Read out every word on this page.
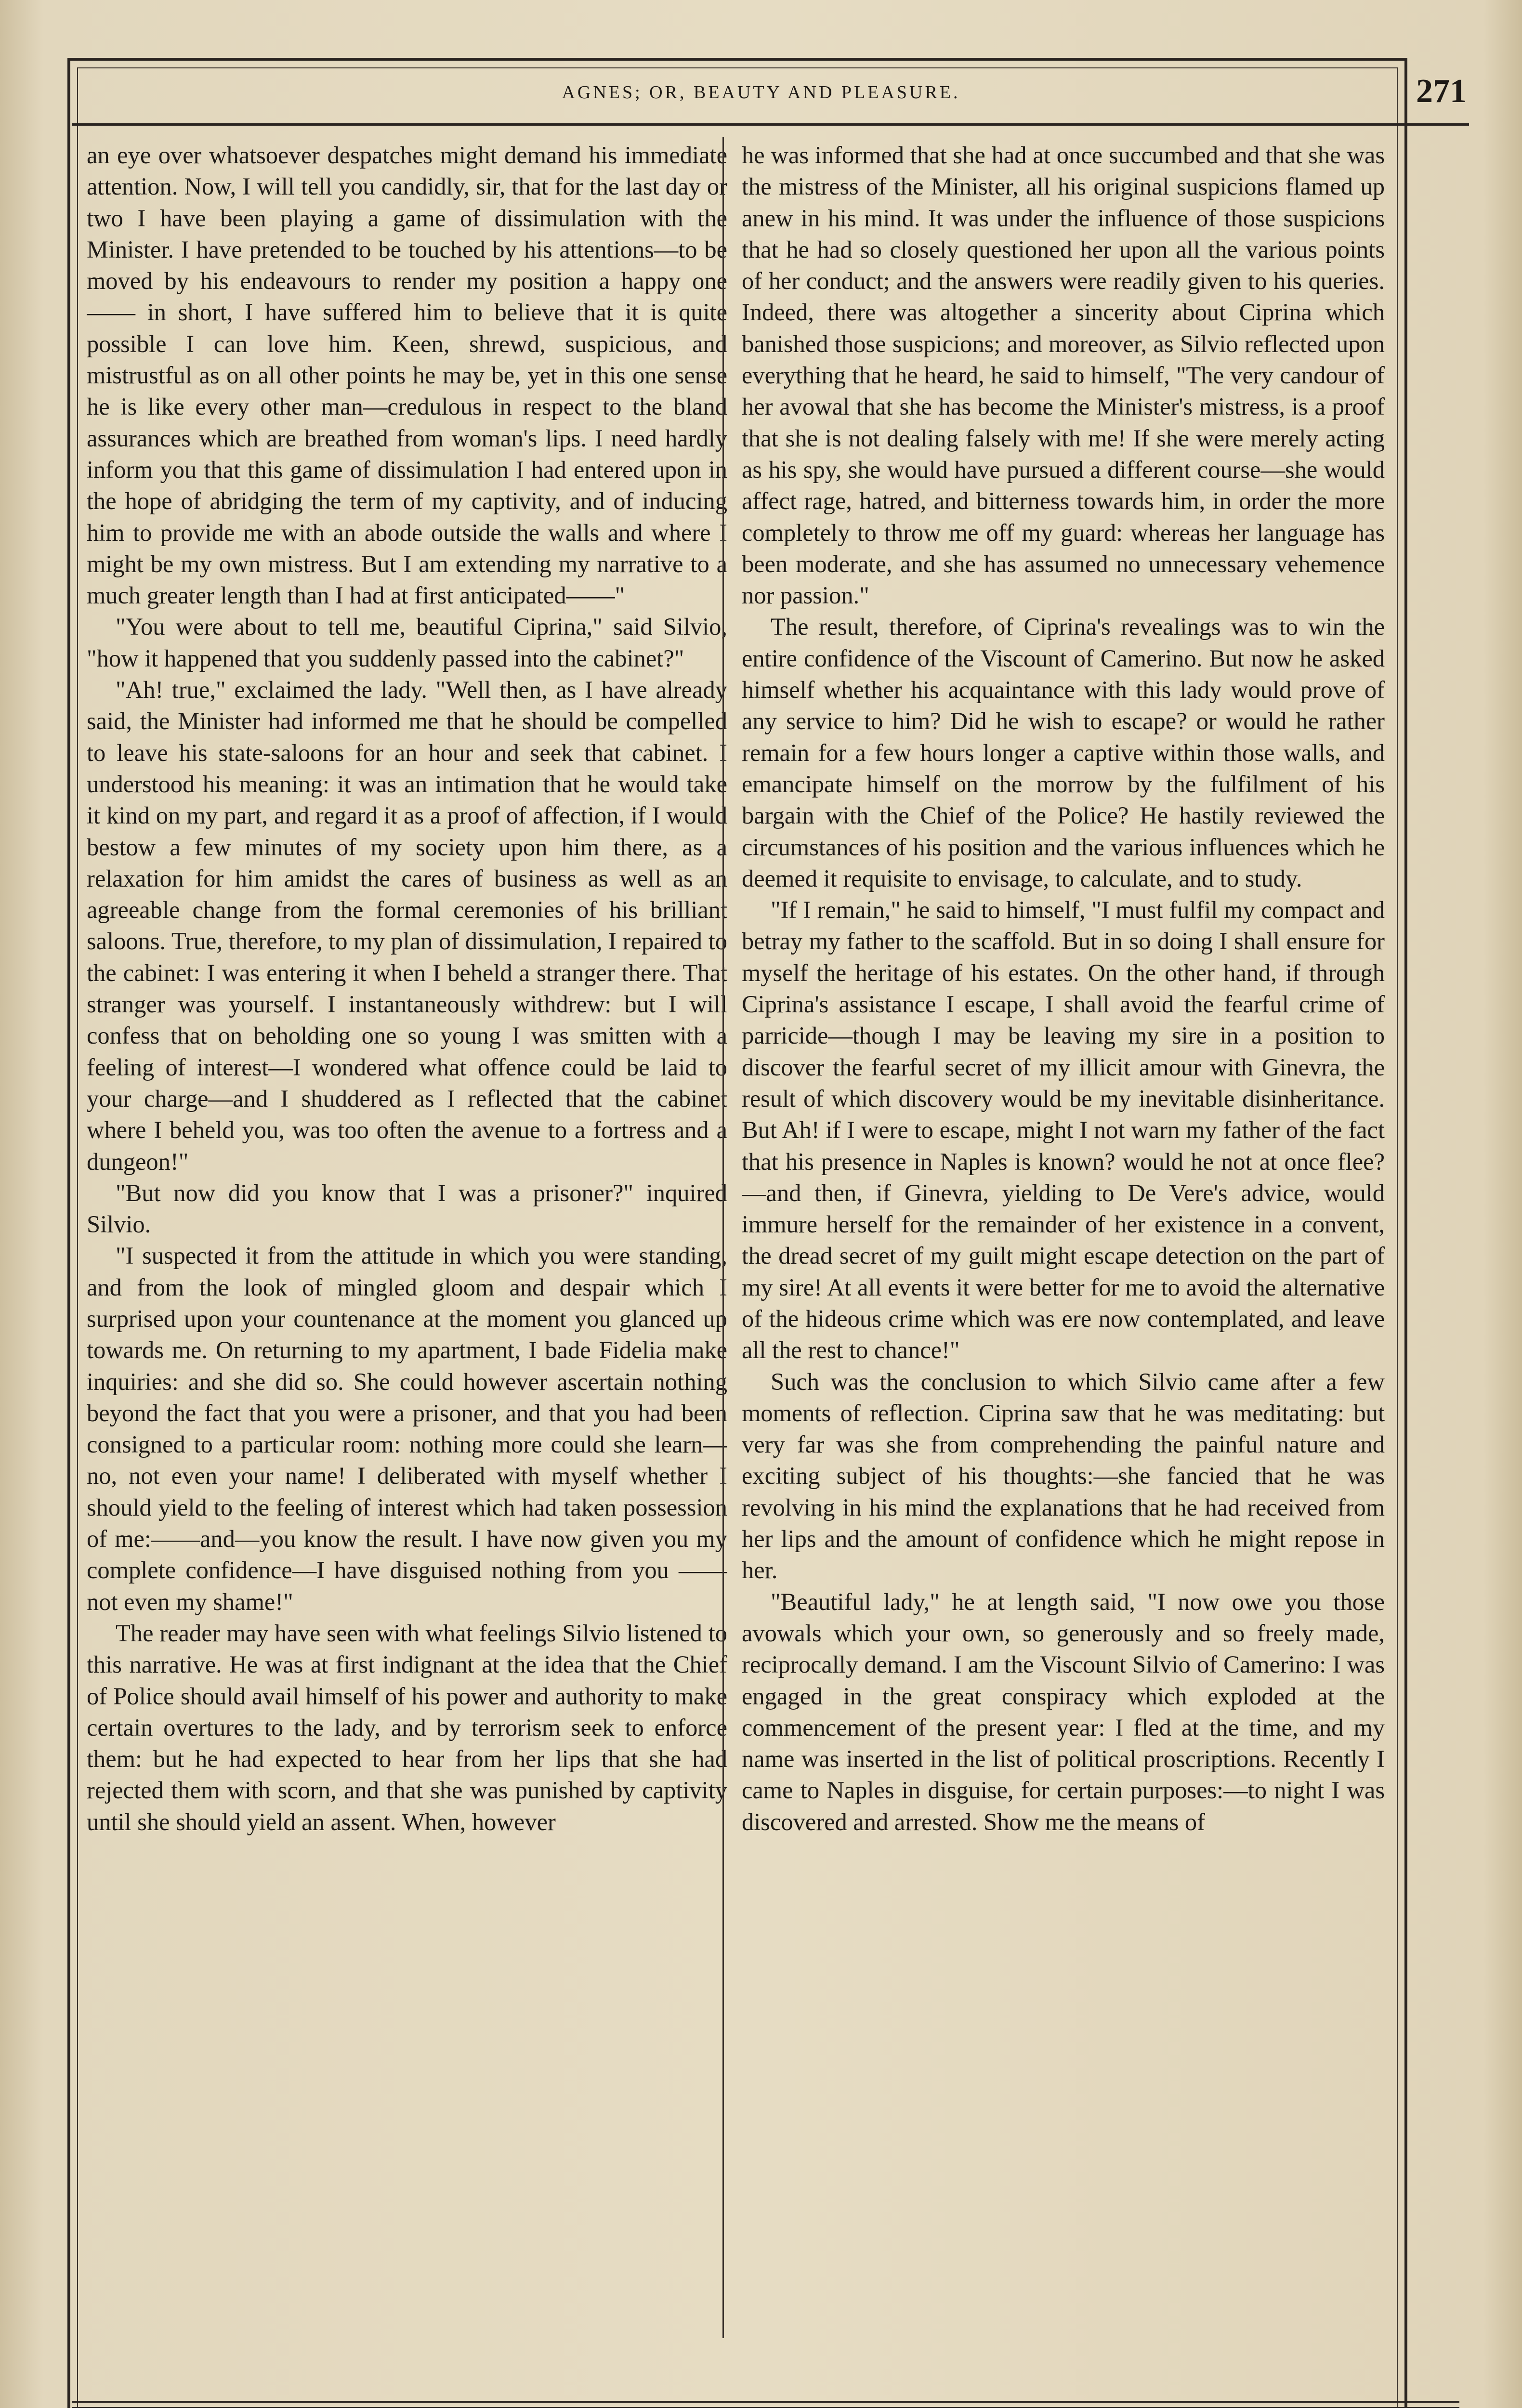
AGNES; OR, BEAUTY AND PLEASURE.	271

an eye over whatsoever despatches might demand his immediate attention. Now, I will tell you candidly, sir, that for the last day or two I have been playing a game of dissimulation with the Minister. I have pretended to be touched by his attentions—to be moved by his endeavours to render my position a happy one —— in short, I have suffered him to believe that it is quite possible I can love him. Keen, shrewd, suspicious, and mistrustful as on all other points he may be, yet in this one sense he is like every other man—credulous in respect to the bland assurances which are breathed from woman's lips. I need hardly inform you that this game of dissimulation I had entered upon in the hope of abridging the term of my captivity, and of inducing him to provide me with an abode outside the walls and where I might be my own mistress. But I am extending my narrative to a much greater length than I had at first anticipated——"

"You were about to tell me, beautiful Ciprina," said Silvio, "how it happened that you suddenly passed into the cabinet?"

"Ah! true," exclaimed the lady. "Well then, as I have already said, the Minister had informed me that he should be compelled to leave his state-saloons for an hour and seek that cabinet. I understood his meaning: it was an intimation that he would take it kind on my part, and regard it as a proof of affection, if I would bestow a few minutes of my society upon him there, as a relaxation for him amidst the cares of business as well as an agreeable change from the formal ceremonies of his brilliant saloons. True, therefore, to my plan of dissimulation, I repaired to the cabinet: I was entering it when I beheld a stranger there. That stranger was yourself. I instantaneously withdrew: but I will confess that on beholding one so young I was smitten with a feeling of interest—I wondered what offence could be laid to your charge—and I shuddered as I reflected that the cabinet where I beheld you, was too often the avenue to a fortress and a dungeon!"

"But now did you know that I was a prisoner?" inquired Silvio.

"I suspected it from the attitude in which you were standing, and from the look of mingled gloom and despair which I surprised upon your countenance at the moment you glanced up towards me. On returning to my apartment, I bade Fidelia make inquiries: and she did so. She could however ascertain nothing beyond the fact that you were a prisoner, and that you had been consigned to a particular room: nothing more could she learn—no, not even your name! I deliberated with myself whether I should yield to the feeling of interest which had taken possession of me:——and—you know the result. I have now given you my complete confidence—I have disguised nothing from you —— not even my shame!"

The reader may have seen with what feelings Silvio listened to this narrative. He was at first indignant at the idea that the Chief of Police should avail himself of his power and authority to make certain overtures to the lady, and by terrorism seek to enforce them: but he had expected to hear from her lips that she had rejected them with scorn, and that she was punished by captivity until she should yield an assent. When, however

he was informed that she had at once succumbed and that she was the mistress of the Minister, all his original suspicions flamed up anew in his mind. It was under the influence of those suspicions that he had so closely questioned her upon all the various points of her conduct; and the answers were readily given to his queries. Indeed, there was altogether a sincerity about Ciprina which banished those suspicions; and moreover, as Silvio reflected upon everything that he heard, he said to himself, "The very candour of her avowal that she has become the Minister's mistress, is a proof that she is not dealing falsely with me! If she were merely acting as his spy, she would have pursued a different course—she would affect rage, hatred, and bitterness towards him, in order the more completely to throw me off my guard: whereas her language has been moderate, and she has assumed no unnecessary vehemence nor passion."

The result, therefore, of Ciprina's revealings was to win the entire confidence of the Viscount of Camerino. But now he asked himself whether his acquaintance with this lady would prove of any service to him? Did he wish to escape? or would he rather remain for a few hours longer a captive within those walls, and emancipate himself on the morrow by the fulfilment of his bargain with the Chief of the Police? He hastily reviewed the circumstances of his position and the various influences which he deemed it requisite to envisage, to calculate, and to study.

"If I remain," he said to himself, "I must fulfil my compact and betray my father to the scaffold. But in so doing I shall ensure for myself the heritage of his estates. On the other hand, if through Ciprina's assistance I escape, I shall avoid the fearful crime of parricide—though I may be leaving my sire in a position to discover the fearful secret of my illicit amour with Ginevra, the result of which discovery would be my inevitable disinheritance. But Ah! if I were to escape, might I not warn my father of the fact that his presence in Naples is known? would he not at once flee?—and then, if Ginevra, yielding to De Vere's advice, would immure herself for the remainder of her existence in a convent, the dread secret of my guilt might escape detection on the part of my sire! At all events it were better for me to avoid the alternative of the hideous crime which was ere now contemplated, and leave all the rest to chance!"

Such was the conclusion to which Silvio came after a few moments of reflection. Ciprina saw that he was meditating: but very far was she from comprehending the painful nature and exciting subject of his thoughts:—she fancied that he was revolving in his mind the explanations that he had received from her lips and the amount of confidence which he might repose in her.

"Beautiful lady," he at length said, "I now owe you those avowals which your own, so generously and so freely made, reciprocally demand. I am the Viscount Silvio of Camerino: I was engaged in the great conspiracy which exploded at the commencement of the present year: I fled at the time, and my name was inserted in the list of political proscriptions. Recently I came to Naples in disguise, for certain purposes:—to night I was discovered and arrested. Show me the means of
